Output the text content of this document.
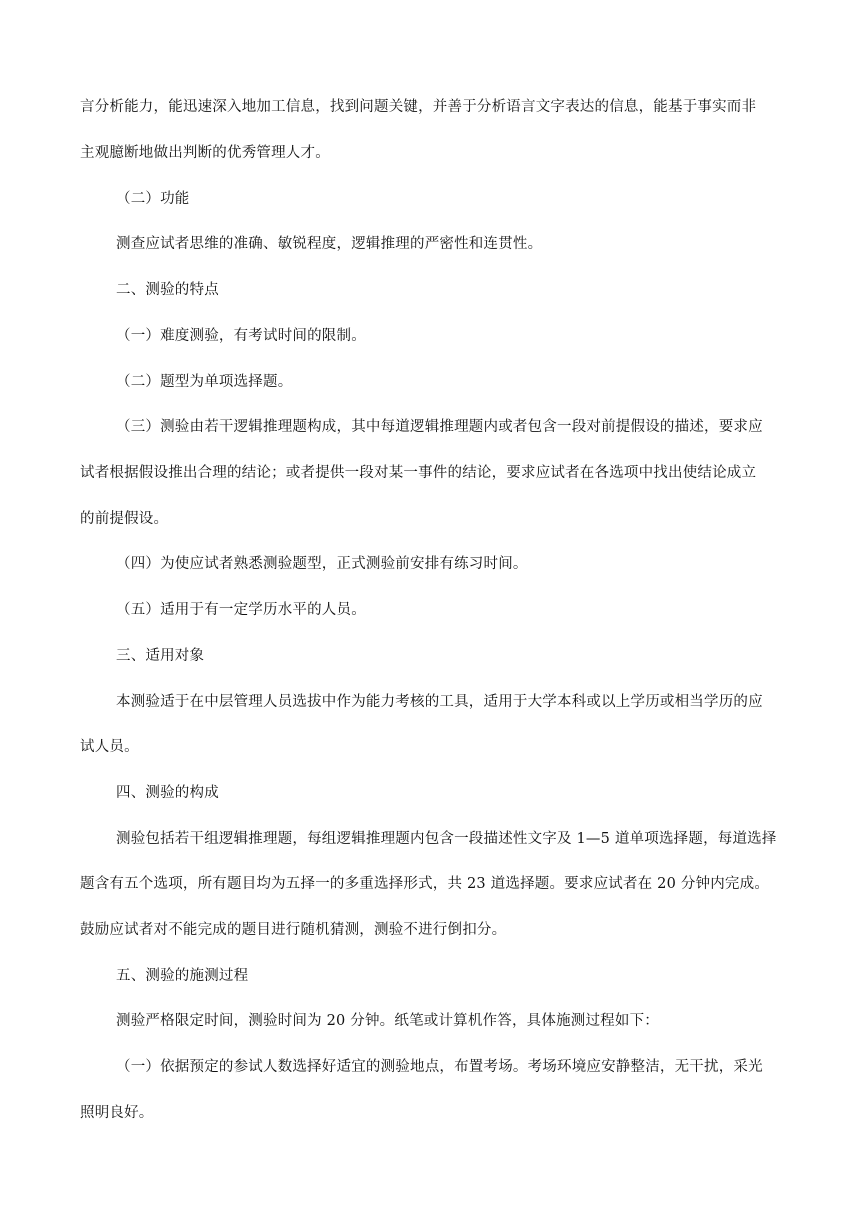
言分析能力，能迅速深入地加工信息，找到问题关键，并善于分析语言文字表达的信息，能基于事实而非
主观臆断地做出判断的优秀管理人才。
（二）功能
测查应试者思维的准确、敏锐程度，逻辑推理的严密性和连贯性。
二、测验的特点
（一）难度测验，有考试时间的限制。
（二）题型为单项选择题。
（三）测验由若干逻辑推理题构成，其中每道逻辑推理题内或者包含一段对前提假设的描述，要求应
试者根据假设推出合理的结论；或者提供一段对某一事件的结论，要求应试者在各选项中找出使结论成立
的前提假设。
（四）为使应试者熟悉测验题型，正式测验前安排有练习时间。
（五）适用于有一定学历水平的人员。
三、适用对象
本测验适于在中层管理人员选拔中作为能力考核的工具，适用于大学本科或以上学历或相当学历的应
试人员。
四、测验的构成
测验包括若干组逻辑推理题，每组逻辑推理题内包含一段描述性文字及 1—5 道单项选择题，每道选择
题含有五个选项，所有题目均为五择一的多重选择形式，共 23 道选择题。要求应试者在 20 分钟内完成。
鼓励应试者对不能完成的题目进行随机猜测，测验不进行倒扣分。
五、测验的施测过程
测验严格限定时间，测验时间为 20 分钟。纸笔或计算机作答，具体施测过程如下：
（一）依据预定的参试人数选择好适宜的测验地点，布置考场。考场环境应安静整洁，无干扰，采光
照明良好。
